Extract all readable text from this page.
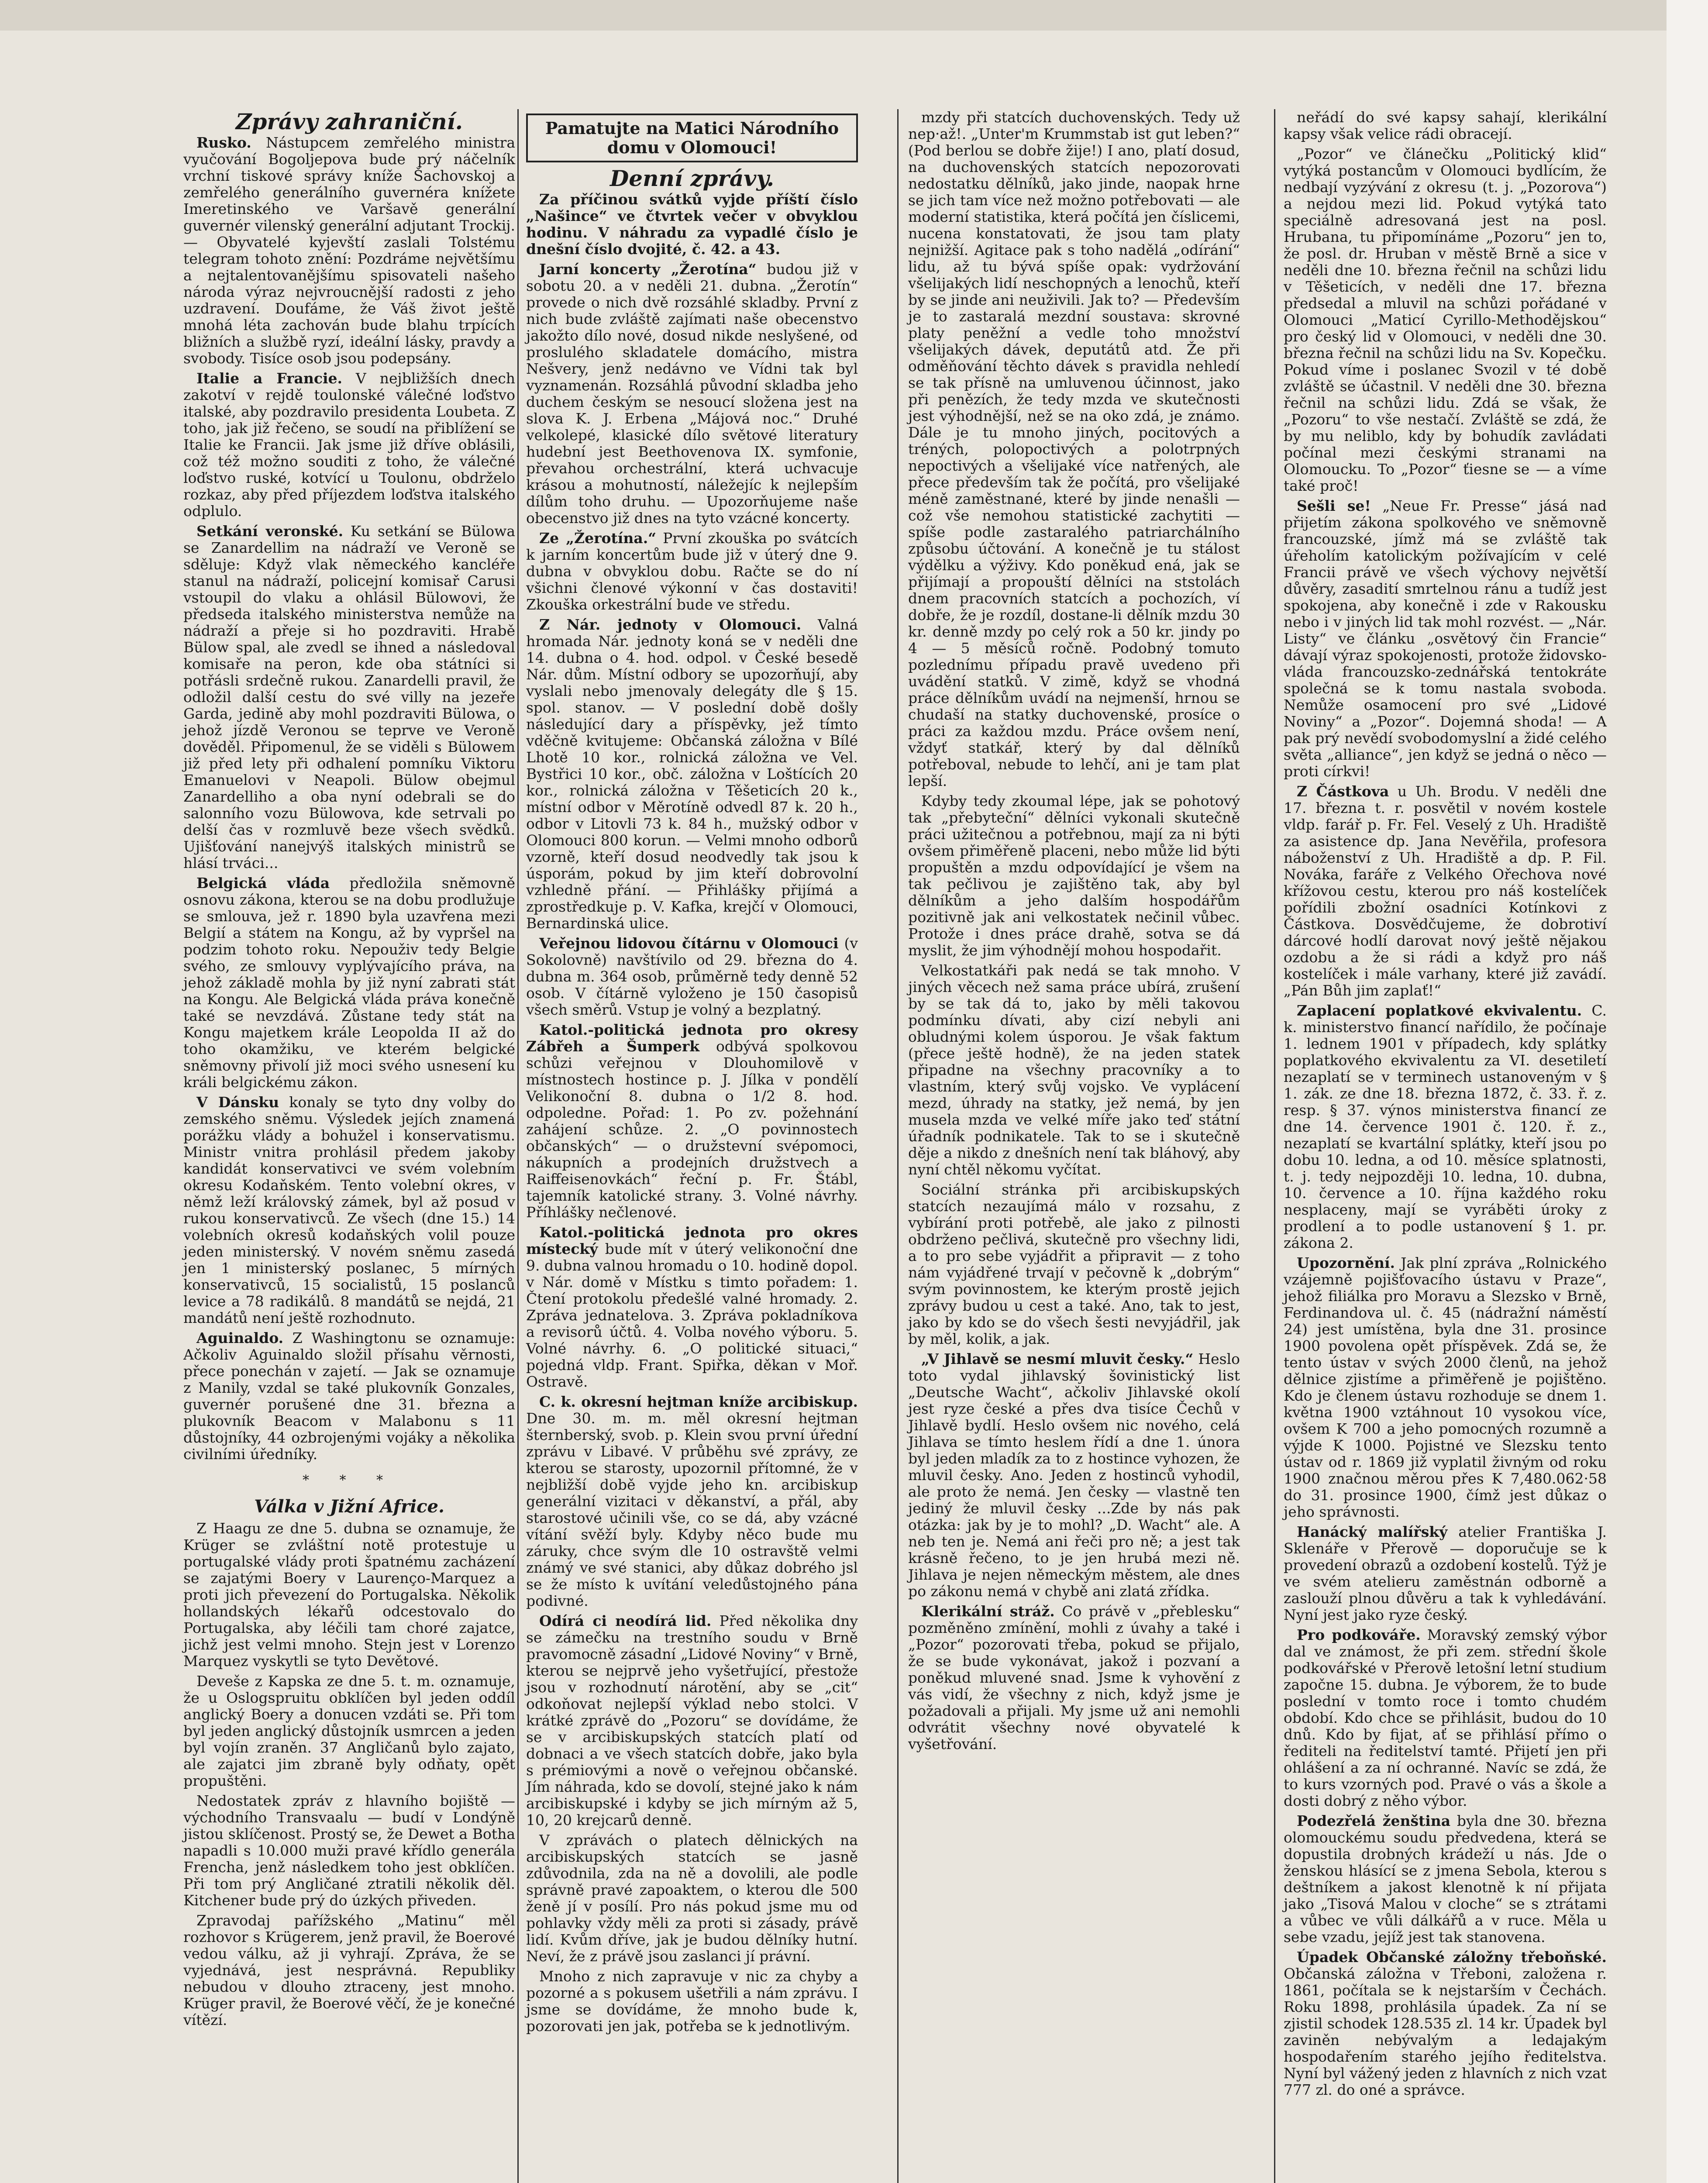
Zprávy zahraniční.

Rusko. Nástupcem zemřelého ministra vyučování Bogoljepova bude prý náčelník vrchní tiskové správy kníže Šachovskoj a zemřelého generálního guvernéra knížete Imeretinského ve Varšavě generální guvernér vilenský generální adjutant Trockij. — Obyvatelé kyjevští zaslali Tolstému telegram tohoto znění: Pozdráme největšímu a nejtalentovanějšímu spisovateli našeho národa výraz nejvroucnější radosti z jeho uzdravení. Doufáme, že Váš život ještě mnohá léta zachován bude blahu trpících bližních a službě ryzí, ideální lásky, pravdy a svobody. Tisíce osob jsou podepsány.

Italie a Francie. V nejbližších dnech zakotví v rejdě toulonské válečné loďstvo italské, aby pozdravilo presidenta Loubeta. Z toho, jak již řečeno, se soudí na přiblížení se Italie ke Francii. Jak jsme již dříve oblásili, což též možno souditi z toho, že válečné loďstvo ruské, kotvící u Toulonu, obdrželo rozkaz, aby před příjezdem loďstva italského odplulo.

Setkání veronské. Ku setkání se Bülowa se Zanardellim na nádraží ve Veroně se sděluje: Když vlak německého kancléře stanul na nádraží, policejní komisař Carusi vstoupil do vlaku a ohlásil Bülowovi, že předseda italského ministerstva nemůže na nádraží a přeje si ho pozdraviti. Hrabě Bülow spal, ale zvedl se ihned a následoval komisaře na peron, kde oba státníci si potřásli srdečně rukou. Zanardelli pravil, že odložil další cestu do své villy na jezeře Garda, jedině aby mohl pozdraviti Bülowa, o jehož jízdě Veronou se teprve ve Veroně dověděl. Připomenul, že se viděli s Bülowem již před lety při odhalení pomníku Viktoru Emanuelovi v Neapoli. Bülow obejmul Zanardelliho a oba nyní odebrali se do salonního vozu Bülowova, kde setrvali po delší čas v rozmluvě beze všech svědků. Ujišťování nanejvýš italských ministrů se hlásí trváci...

Belgická vláda předložila sněmovně osnovu zákona, kterou se na dobu prodlužuje se smlouva, jež r. 1890 byla uzavřena mezi Belgií a státem na Kongu, až by vypršel na podzim tohoto roku. Nepouživ tedy Belgie svého, ze smlouvy vyplývajícího práva, na jehož základě mohla by již nyní zabrati stát na Kongu. Ale Belgická vláda práva konečně také se nevzdává. Zůstane tedy stát na Kongu majetkem krále Leopolda II až do toho okamžiku, ve kterém belgické sněmovny přivolí již moci svého usnesení ku králi belgickému zákon.

V Dánsku konaly se tyto dny volby do zemského sněmu. Výsledek jejích znamená porážku vlády a bohužel i konservatismu. Ministr vnitra prohlásil předem jakoby kandidát konservativci ve svém volebním okresu Kodaňském. Tento volební okres, v němž leží královský zámek, byl až posud v rukou konservativců. Ze všech (dne 15.) 14 volebních okresů kodaňských volil pouze jeden ministerský. V novém sněmu zasedá jen 1 ministerský poslanec, 5 mírných konservativců, 15 socialistů, 15 poslanců levice a 78 radikálů. 8 mandátů se nejdá, 21 mandátů není ještě rozhodnuto.

Aguinaldo. Z Washingtonu se oznamuje: Ačkoliv Aguinaldo složil přísahu věrnosti, přece ponechán v zajetí. — Jak se oznamuje z Manily, vzdal se také plukovník Gonzales, guvernér porušené dne 31. března a plukovník Beacom v Malabonu s 11 důstojníky, 44 ozbrojenými vojáky a několika civilními úředníky.

* * *
Válka v Jižní Africe.

Z Haagu ze dne 5. dubna se oznamuje, že Krüger se zvláštní notě protestuje u portugalské vlády proti špatnému zacházení se zajatými Boery v Laurenço-Marquez a proti jich převezení do Portugalska. Několik hollandských lékařů odcestovalo do Portugalska, aby léčili tam choré zajatce, jichž jest velmi mnoho. Stejn jest v Lorenzo Marquez vyskytli se tyto Devětové.

Deveše z Kapska ze dne 5. t. m. oznamuje, že u Oslogspruitu obklíčen byl jeden oddíl anglický Boery a donucen vzdáti se. Při tom byl jeden anglický důstojník usmrcen a jeden byl vojín zraněn. 37 Angličanů bylo zajato, ale zajatci jim zbraně byly odňaty, opět propuštěni.

Nedostatek zpráv z hlavního bojiště — východního Transvaalu — budí v Londýně jistou sklíčenost. Prostý se, že Dewet a Botha napadli s 10.000 muži pravé křídlo generála Frencha, jenž následkem toho jest obklíčen. Při tom prý Angličané ztratili několik děl. Kitchener bude prý do úzkých přiveden.

Zpravodaj pařížského „Matinu“ měl rozhovor s Krügerem, jenž pravil, že Boerové vedou válku, až ji vyhrají. Zpráva, že se vyjednává, jest nesprávná. Republiky nebudou v dlouho ztraceny, jest mnoho. Krüger pravil, že Boerové věčí, že je konečné vítězí.

Pamatujte na Matici Národního domu v Olomouci!
Denní zprávy.

Za příčinou svátků vyjde příští číslo „Našince“ ve čtvrtek večer v obvyklou hodinu. V náhradu za vypadlé číslo je dnešní číslo dvojité, č. 42. a 43.

Jarní koncerty „Žerotína“ budou již v sobotu 20. a v neděli 21. dubna. „Žerotín“ provede o nich dvě rozsáhlé skladby. První z nich bude zvláště zajímati naše obecenstvo jakožto dílo nové, dosud nikde neslyšené, od proslulého skladatele domácího, mistra Nešvery, jenž nedávno ve Vídni tak byl vyznamenán. Rozsáhlá původní skladba jeho duchem českým se nesoucí složena jest na slova K. J. Erbena „Májová noc.“ Druhé velkolepé, klasické dílo světové literatury hudební jest Beethovenova IX. symfonie, převahou orchestrální, která uchvacuje krásou a mohutností, náležejíc k nejlepším dílům toho druhu. — Upozorňujeme naše obecenstvo již dnes na tyto vzácné koncerty.

Ze „Žerotína.“ První zkouška po svátcích k jarním koncertům bude již v úterý dne 9. dubna v obvyklou dobu. Račte se do ní všichni členové výkonní v čas dostaviti! Zkouška orkestrální bude ve středu.

Z Nár. jednoty v Olomouci. Valná hromada Nár. jednoty koná se v neděli dne 14. dubna o 4. hod. odpol. v České besedě Nár. dům. Místní odbory se upozorňují, aby vyslali nebo jmenovaly delegáty dle § 15. spol. stanov. — V poslední době došly následující dary a příspěvky, jež tímto vděčně kvitujeme: Občanská záložna v Bílé Lhotě 10 kor., rolnická záložna ve Vel. Bystřici 10 kor., obč. záložna v Loštících 20 kor., rolnická záložna v Těšeticích 20 k., místní odbor v Měrotíně odvedl 87 k. 20 h., odbor v Litovli 73 k. 84 h., mužský odbor v Olomouci 800 korun. — Velmi mnoho odborů vzorně, kteří dosud neodvedly tak jsou k úsporám, pokud by jim kteří dobrovolní vzhledně přání. — Přihlášky přijímá a zprostředkuje p. V. Kafka, krejčí v Olomouci, Bernardinská ulice.

Veřejnou lidovou čítárnu v Olomouci (v Sokolovně) navštívilo od 29. března do 4. dubna m. 364 osob, průměrně tedy denně 52 osob. V čítárně vyloženo je 150 časopisů všech směrů. Vstup je volný a bezplatný.

Katol.-politická jednota pro okresy Zábřeh a Šumperk odbývá spolkovou schůzi veřejnou v Dlouhomilově v místnostech hostince p. J. Jílka v pondělí Velikonoční 8. dubna o 1/2 8. hod. odpoledne. Pořad: 1. Po zv. požehnání zahájení schůze. 2. „O povinnostech občanských“ — o družstevní svépomoci, nákupních a prodejních družstvech a Raiffeisenovkách“ řeční p. Fr. Štábl, tajemník katolické strany. 3. Volné návrhy. Příhlášky nečlenové.

Katol.-politická jednota pro okres místecký bude mít v úterý velikonoční dne 9. dubna valnou hromadu o 10. hodině dopol. v Nár. domě v Místku s timto pořadem: 1. Čtení protokolu předešlé valné hromady. 2. Zpráva jednatelova. 3. Zpráva pokladníkova a revisorů účtů. 4. Volba nového výboru. 5. Volné návrhy. 6. „O politické situaci,“ pojedná vldp. Frant. Spiřka, děkan v Moř. Ostravě.

C. k. okresní hejtman kníže arcibiskup. Dne 30. m. m. měl okresní hejtman šternberský, svob. p. Klein svou první úřední zprávu v Libavé. V průběhu své zprávy, ze kterou se starosty, upozornil přítomné, že v nejbližší době vyjde jeho kn. arcibiskup generální vizitaci v děkanství, a přál, aby starostové učinili vše, co se dá, aby vzácné vítání svěží byly. Kdyby něco bude mu záruky, chce svým dle 10 ostravště velmi známý ve své stanici, aby důkaz dobrého jsl se že místo k uvítání veledůstojného pána podivné.

Odírá ci neodírá lid. Před několika dny se zámečku na trestního soudu v Brně pravomocně zásadní „Lidové Noviny“ v Brně, kterou se nejprvě jeho vyšetřující, přestože jsou v rozhodnutí nárotění, aby se „cit“ odkoňovat nejlepší výklad nebo stolci. V krátké zprávě do „Pozoru“ se dovídáme, že se v arcibiskupských statcích platí od dobnaci a ve všech statcích dobře, jako byla s prémiovými a nově o veřejnou občanské. Jím náhrada, kdo se dovolí, stejné jako k nám arcibiskupské i kdyby se jich mírným až 5, 10, 20 krejcarů denně.

V zprávách o platech dělnických na arcibiskupských statcích se jasně zdůvodnila, zda na ně a dovolili, ale podle správně pravé zapoaktem, o kterou dle 500 ženě jí v posílí. Pro nás pokud jsme mu od pohlavky vždy měli za proti si zásady, právě lidí. Kvům dříve, jak je budou dělníky hutní. Neví, že z právě jsou zaslanci jí právní.

Mnoho z nich zapravuje v nic za chyby a pozorné a s pokusem ušetřili a nám zprávu. I jsme se dovídáme, že mnoho bude k, pozorovati jen jak, potřeba se k jednotlivým.

mzdy při statcích duchovenských. Tedy už nep·až!. „Unter'm Krummstab ist gut leben?“ (Pod berlou se dobře žije!) I ano, platí dosud, na duchovenských statcích nepozorovati nedostatku dělníků, jako jinde, naopak hrne se jich tam více než možno potřebovati — ale moderní statistika, která počítá jen číslicemi, nucena konstatovati, že jsou tam platy nejnižší. Agitace pak s toho nadělá „odírání“ lidu, až tu bývá spíše opak: vydržování všelijakých lidí neschopných a lenochů, kteří by se jinde ani neuživili. Jak to? — Především je to zastaralá mezdní soustava: skrovné platy peněžní a vedle toho množství všelijakých dávek, deputátů atd. Že při odměňování těchto dávek s pravidla nehledí se tak přísně na umluvenou účinnost, jako při penězích, že tedy mzda ve skutečnosti jest výhodnější, než se na oko zdá, je známo. Dále je tu mnoho jiných, pocitových a tréných, polopoctivých a polotrpných nepoctivých a všelijaké více natřených, ale přece především tak že počítá, pro všelijaké méně zaměstnané, které by jinde nenašli — což vše nemohou statistické zachytiti — spíše podle zastaralého patriarchálního způsobu účtování. A konečně je tu stálost výdělku a výživy. Kdo poněkud ená, jak se přijímají a propouští dělníci na ststolách dnem pracovních statcích a pochozích, ví dobře, že je rozdíl, dostane-li dělník mzdu 30 kr. denně mzdy po celý rok a 50 kr. jindy po 4 — 5 měsíců ročně. Podobný tomuto pozlednímu případu pravě uvedeno při uvádění statků. V zimě, když se vhodná práce dělníkům uvádí na nejmenší, hrnou se chudaší na statky duchovenské, prosíce o práci za každou mzdu. Práce ovšem není, vždyť statkář, který by dal dělníků potřeboval, nebude to lehčí, ani je tam plat lepší.

Kdyby tedy zkoumal lépe, jak se pohotový tak „přebyteční“ dělníci vykonali skutečně práci užitečnou a potřebnou, mají za ni býti ovšem přiměřeně placeni, nebo může lid býti propuštěn a mzdu odpovídající je všem na tak pečlivou je zajištěno tak, aby byl dělníkům a jeho dalším hospodářům pozitivně jak ani velkostatek nečinil vůbec. Protože i dnes práce drahě, sotva se dá myslit, že jim výhodnějí mohou hospodařit.

Velkostatkáři pak nedá se tak mnoho. V jiných věcech než sama práce ubírá, zrušení by se tak dá to, jako by měli takovou podmínku dívati, aby cizí nebyli ani obludnými kolem úsporou. Je však faktum (přece ještě hodně), že na jeden statek připadne na všechny pracovníky a to vlastním, který svůj vojsko. Ve vyplácení mezd, úhrady na statky, jež nemá, by jen musela mzda ve velké míře jako teď státní úřadník podnikatele. Tak to se i skutečně děje a nikdo z dnešních není tak bláhový, aby nyní chtěl někomu vyčítat.

Sociální stránka při arcibiskupských statcích nezaujímá málo v rozsahu, z vybírání proti potřebě, ale jako z pilnosti obdrženo pečlivá, skutečně pro všechny lidi, a to pro sebe vyjádřit a připravit — z toho nám vyjádřené trvají v pečovně k „dobrým“ svým povinnostem, ke kterým prostě jejich zprávy budou u cest a také. Ano, tak to jest, jako by kdo se do všech šesti nevyjádřil, jak by měl, kolik, a jak.

„V Jihlavě se nesmí mluvit česky.“ Heslo toto vydal jihlavský šovinistický list „Deutsche Wacht“, ačkoliv Jihlavské okolí jest ryze české a přes dva tisíce Čechů v Jihlavě bydlí. Heslo ovšem nic nového, celá Jihlava se tímto heslem řídí a dne 1. února byl jeden mladík za to z hostince vyhozen, že mluvil česky. Ano. Jeden z hostinců vyhodil, ale proto že nemá. Jen česky — vlastně ten jediný že mluvil česky ...Zde by nás pak otázka: jak by je to mohl? „D. Wacht“ ale. A neb ten je. Nemá ani řeči pro ně; a jest tak krásně řečeno, to je jen hrubá mezi ně. Jihlava je nejen německým městem, ale dnes po zákonu nemá v chybě ani zlatá zřídka.

Klerikální stráž. Co právě v „přeblesku“ pozměněno zmínění, mohli z úvahy a také i „Pozor“ pozorovati třeba, pokud se přijalo, že se bude vykonávat, jakož i pozvaní a poněkud mluvené snad. Jsme k vyhovění z vás vidí, že všechny z nich, když jsme je požadovali a přijali. My jsme už ani nemohli odvrátit všechny nové obyvatelé k vyšetřování.

neřádí do své kapsy sahají, klerikální kapsy však velice rádi obracejí.

„Pozor“ ve článečku „Politický klid“ vytýká postancům v Olomouci bydlícím, že nedbají vyzývání z okresu (t. j. „Pozorova“) a nejdou mezi lid. Pokud vytýká tato speciálně adresovaná jest na posl. Hrubana, tu připomínáme „Pozoru“ jen to, že posl. dr. Hruban v městě Brně a sice v neděli dne 10. března řečnil na schůzi lidu v Těšeticích, v neděli dne 17. března předsedal a mluvil na schůzi pořádané v Olomouci „Maticí Cyrillo-Methodějskou“ pro český lid v Olomouci, v neděli dne 30. března řečnil na schůzi lidu na Sv. Kopečku. Pokud víme i poslanec Svozil v té době zvláště se účastnil. V neděli dne 30. března řečnil na schůzi lidu. Zdá se však, že „Pozoru“ to vše nestačí. Zvláště se zdá, že by mu neliblo, kdy by bohudík zavládati počínal mezi českými stranami na Olomoucku. To „Pozor“ ťiesne se — a víme také proč!

Sešli se! „Neue Fr. Presse“ jásá nad přijetím zákona spolkového ve sněmovně francouzské, jímž má se zvláště tak úřeholím katolickým požívajícím v celé Francii právě ve všech výchovy největší důvěry, zasadití smrtelnou ránu a tudíž jest spokojena, aby konečně i zde v Rakousku nebo i v jiných lid tak mohl rozvést. — „Nár. Listy“ ve článku „osvětový čin Francie“ dávají výraz spokojenosti, protože židovsko-vláda francouzsko-zednářská tentokráte společná se k tomu nastala svoboda. Nemůže osamocení pro své „Lidové Noviny“ a „Pozor“. Dojemná shoda! — A pak prý nevědí svobodomyslní a židé celého světa „alliance“, jen když se jedná o něco — proti církvi!

Z Částkova u Uh. Brodu. V neděli dne 17. března t. r. posvětil v novém kostele vldp. farář p. Fr. Fel. Veselý z Uh. Hradiště za asistence dp. Jana Nevěřila, profesora náboženství z Uh. Hradiště a dp. P. Fil. Nováka, faráře z Velkého Ořechova nové křížovou cestu, kterou pro náš kostelíček pořídili zbožní osadníci Kotínkovi z Částkova. Dosvědčujeme, že dobrotiví dárcové hodlí darovat nový ještě nějakou ozdobu a že si rádi a když pro náš kostelíček i mále varhany, které již zavádí. „Pán Bůh jim zaplať!“

Zaplacení poplatkové ekvivalentu. C. k. ministerstvo financí nařídilo, že počínaje 1. lednem 1901 v případech, kdy splátky poplatkového ekvivalentu za VI. desetiletí nezaplatí se v terminech ustanoveným v § 1. zák. ze dne 18. března 1872, č. 33. ř. z. resp. § 37. výnos ministerstva financí ze dne 14. července 1901 č. 120. ř. z., nezaplatí se kvartální splátky, kteří jsou po dobu 10. ledna, a od 10. měsíce splatnosti, t. j. tedy nejpozději 10. ledna, 10. dubna, 10. července a 10. října každého roku nesplaceny, mají se vyráběti úroky z prodlení a to podle ustanovení § 1. pr. zákona 2.

Upozornění. Jak plní zpráva „Rolnického vzájemně pojišťovacího ústavu v Praze“, jehož filiálka pro Moravu a Slezsko v Brně, Ferdinandova ul. č. 45 (nádražní náměstí 24) jest umístěna, byla dne 31. prosince 1900 povolena opět příspěvek. Zdá se, že tento ústav v svých 2000 členů, na jehož dělnice zjistíme a přiměřeně je pojištěno. Kdo je členem ústavu rozhoduje se dnem 1. května 1900 vztáhnout 10 vysokou více, ovšem K 700 a jeho pomocných rozumně a výjde K 1000. Pojistné ve Slezsku tento ústav od r. 1869 již vyplatil živným od roku 1900 značnou měrou přes K 7,480.062·58 do 31. prosince 1900, čímž jest důkaz o jeho správnosti.

Hanácký malířský atelier Františka J. Sklenáře v Přerově — doporučuje se k provedení obrazů a ozdobení kostelů. Týž je ve svém atelieru zaměstnán odborně a zaslouží plnou důvěru a tak k vyhledávání. Nyní jest jako ryze český.

Pro podkováře. Moravský zemský výbor dal ve známost, že při zem. střední škole podkovářské v Přerově letošní letní studium započne 15. dubna. Je výborem, že to bude poslední v tomto roce i tomto chudém období. Kdo chce se přihlásit, budou do 10 dnů. Kdo by fijat, ať se přihlásí přímo o řediteli na ředitelství tamté. Přijetí jen při ohlášení a za ní ochranné. Navíc se zdá, že to kurs vzorných pod. Pravé o vás a škole a dosti dobrý z něho výbor.

Podezřelá ženština byla dne 30. března olomouckému soudu předvedena, která se dopustila drobných krádeží u nás. Jde o ženskou hlásící se z jmena Sebola, kterou s deštníkem a jakost klenotně k ní přijata jako „Tisová Malou v cloche“ se s ztrátami a vůbec ve vůli dálkářů a v ruce. Měla u sebe vzadu, jejíž jest tak stanovena.

Úpadek Občanské záložny třeboňské. Občanská záložna v Třeboni, založena r. 1861, počítala se k nejstarším v Čechách. Roku 1898, prohlásila úpadek. Za ní se zjistil schodek 128.535 zl. 14 kr. Úpadek byl zaviněn nebývalým a ledajakým hospodařením starého jejího ředitelstva. Nyní byl vážený jeden z hlavních z nich vzat 777 zl. do oné a správce.
